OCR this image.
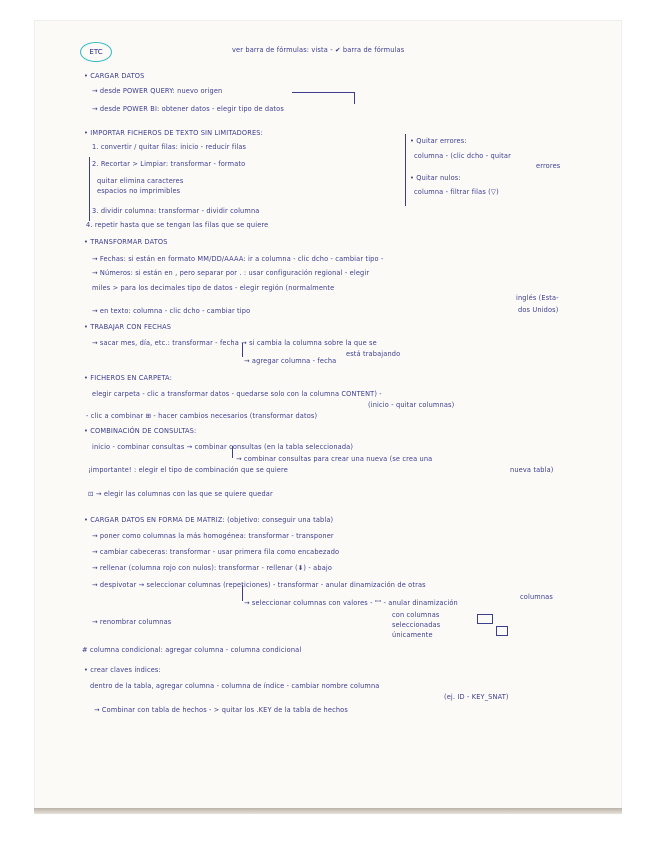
ETC	ver barra de fórmulas: vista - ✔ barra de fórmulas
• CARGAR DATOS
→ desde POWER QUERY: nuevo origen
→ desde POWER BI: obtener datos - elegir tipo de datos
• IMPORTAR FICHEROS DE TEXTO SIN LIMITADORES:
1. convertir / quitar filas: inicio - reducir filas
2. Recortar > Limpiar: transformar - formato
quitar elimina caracteres
espacios no imprimibles
3. dividir columna: transformar - dividir columna
4. repetir hasta que se tengan las filas que se quiere
• Quitar errores:
columna - (clic dcho - quitar
errores
• Quitar nulos:
columna - filtrar filas (▽)
• TRANSFORMAR DATOS
→ Fechas: si están en formato MM/DD/AAAA: ir a columna - clic dcho - cambiar tipo -
→ Números: si están en , pero separar por . : usar configuración regional - elegir
miles > para los decimales tipo de datos - elegir región (normalmente
inglés (Esta-
→ en texto: columna - clic dcho - cambiar tipo	dos Unidos)
• TRABAJAR CON FECHAS
→ sacar mes, día, etc.: transformar - fecha → si cambia la columna sobre la que se
está trabajando
→ agregar columna - fecha
• FICHEROS EN CARPETA:
elegir carpeta - clic a transformar datos - quedarse solo con la columna CONTENT) -
(inicio - quitar columnas)
- clic a combinar ⊞ - hacer cambios necesarios (transformar datos)
• COMBINACIÓN DE CONSULTAS:
inicio - combinar consultas → combinar consultas (en la tabla seleccionada)
→ combinar consultas para crear una nueva (se crea una
nueva tabla)
¡importante! : elegir el tipo de combinación que se quiere
⊡ → elegir las columnas con las que se quiere quedar
• CARGAR DATOS EN FORMA DE MATRIZ: (objetivo: conseguir una tabla)
→ poner como columnas la más homogénea: transformar - transponer
→ cambiar cabeceras: transformar - usar primera fila como encabezado
→ rellenar (columna rojo con nulos): transformar - rellenar (⬇) - abajo
→ despivotar → seleccionar columnas (repeticiones) - transformar - anular dinamización de otras
columnas
→ seleccionar columnas con valores - "" - anular dinamización
con columnas
seleccionadas
únicamente
→ renombrar columnas
# columna condicional: agregar columna - columna condicional
• crear claves índices:
dentro de la tabla, agregar columna - columna de índice - cambiar nombre columna
(ej. ID - KEY_SNAT)
→ Combinar con tabla de hechos - > quitar los .KEY de la tabla de hechos
